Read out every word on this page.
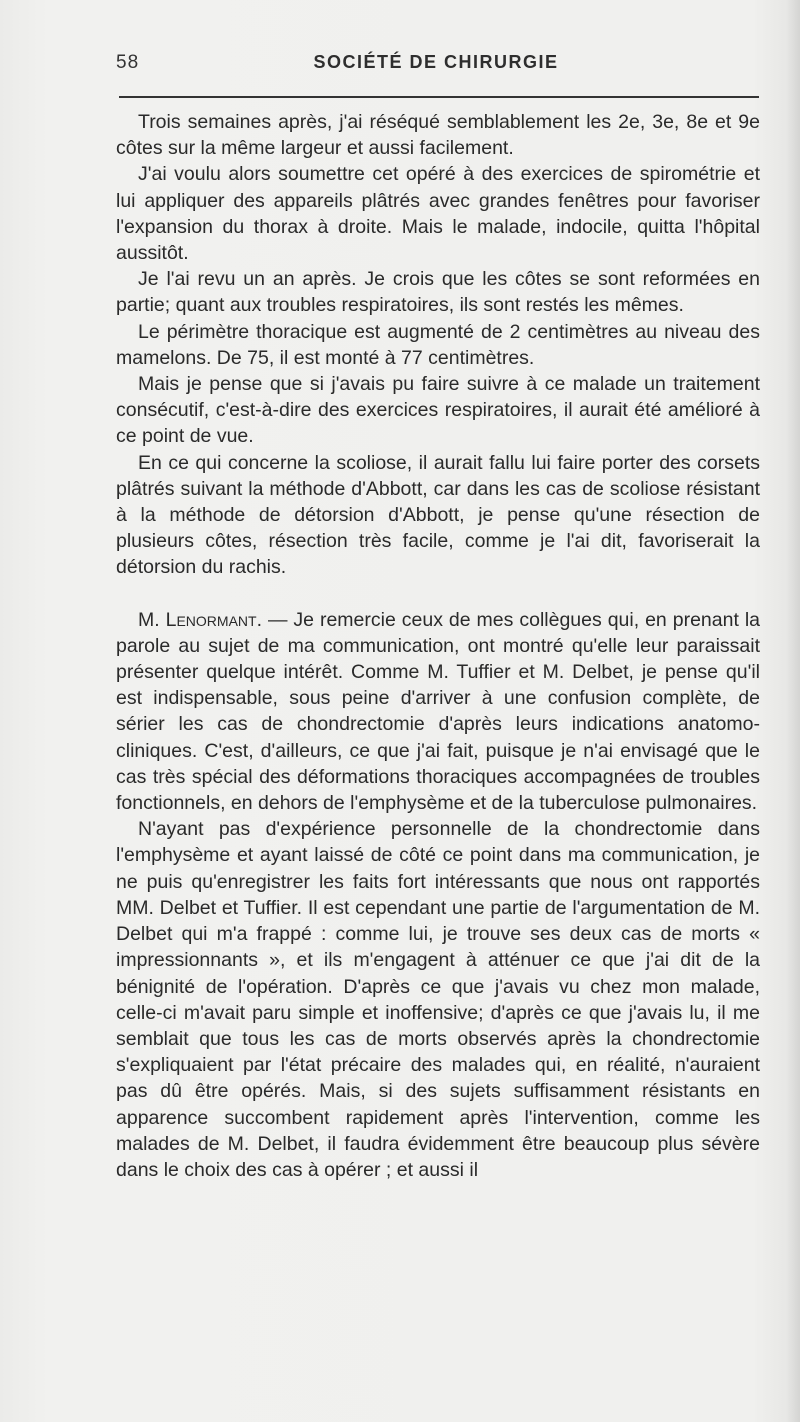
58	SOCIÉTÉ DE CHIRURGIE

Trois semaines après, j'ai réséqué semblablement les 2e, 3e, 8e et 9e côtes sur la même largeur et aussi facilement.

J'ai voulu alors soumettre cet opéré à des exercices de spirométrie et lui appliquer des appareils plâtrés avec grandes fenêtres pour favoriser l'expansion du thorax à droite. Mais le malade, indocile, quitta l'hôpital aussitôt.

Je l'ai revu un an après. Je crois que les côtes se sont reformées en partie; quant aux troubles respiratoires, ils sont restés les mêmes.

Le périmètre thoracique est augmenté de 2 centimètres au niveau des mamelons. De 75, il est monté à 77 centimètres.

Mais je pense que si j'avais pu faire suivre à ce malade un traitement consécutif, c'est-à-dire des exercices respiratoires, il aurait été amélioré à ce point de vue.

En ce qui concerne la scoliose, il aurait fallu lui faire porter des corsets plâtrés suivant la méthode d'Abbott, car dans les cas de scoliose résistant à la méthode de détorsion d'Abbott, je pense qu'une résection de plusieurs côtes, résection très facile, comme je l'ai dit, favoriserait la détorsion du rachis.

M. Lenormant. — Je remercie ceux de mes collègues qui, en prenant la parole au sujet de ma communication, ont montré qu'elle leur paraissait présenter quelque intérêt. Comme M. Tuffier et M. Delbet, je pense qu'il est indispensable, sous peine d'arriver à une confusion complète, de sérier les cas de chondrectomie d'après leurs indications anatomo-cliniques. C'est, d'ailleurs, ce que j'ai fait, puisque je n'ai envisagé que le cas très spécial des déformations thoraciques accompagnées de troubles fonctionnels, en dehors de l'emphysème et de la tuberculose pulmonaires.

N'ayant pas d'expérience personnelle de la chondrectomie dans l'emphysème et ayant laissé de côté ce point dans ma communication, je ne puis qu'enregistrer les faits fort intéressants que nous ont rapportés MM. Delbet et Tuffier. Il est cependant une partie de l'argumentation de M. Delbet qui m'a frappé : comme lui, je trouve ses deux cas de morts « impressionnants », et ils m'engagent à atténuer ce que j'ai dit de la bénignité de l'opération. D'après ce que j'avais vu chez mon malade, celle-ci m'avait paru simple et inoffensive; d'après ce que j'avais lu, il me semblait que tous les cas de morts observés après la chondrectomie s'expliquaient par l'état précaire des malades qui, en réalité, n'auraient pas dû être opérés. Mais, si des sujets suffisamment résistants en apparence succombent rapidement après l'intervention, comme les malades de M. Delbet, il faudra évidemment être beaucoup plus sévère dans le choix des cas à opérer ; et aussi il
